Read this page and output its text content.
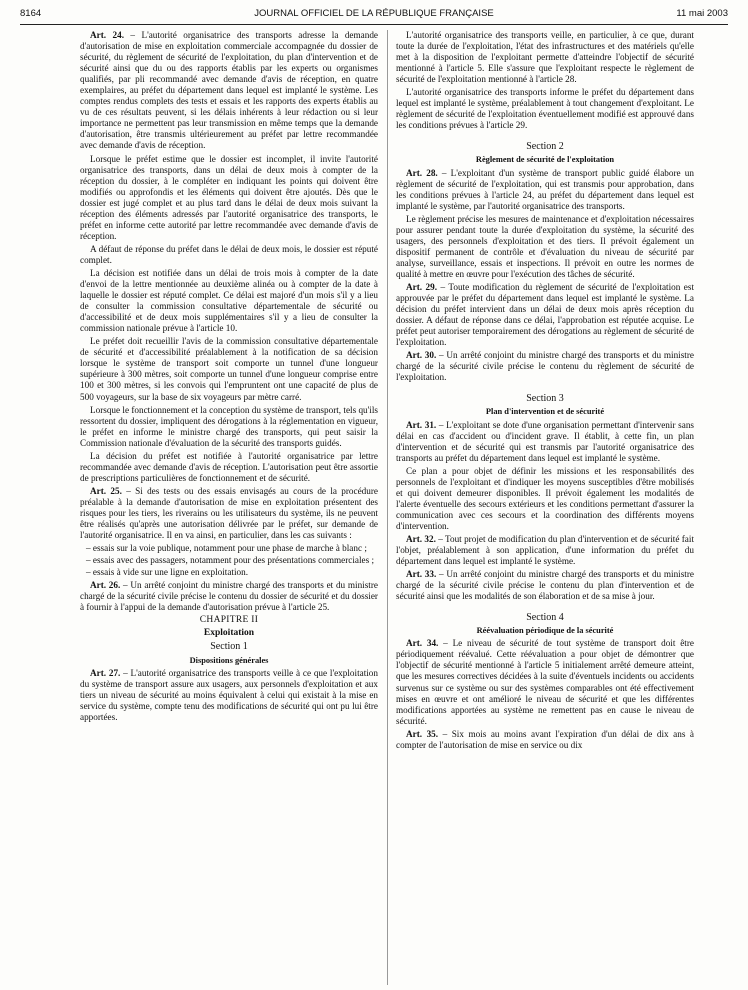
8164	JOURNAL OFFICIEL DE LA RÉPUBLIQUE FRANÇAISE	11 mai 2003

Art. 24. – L'autorité organisatrice des transports adresse la demande d'autorisation de mise en exploitation commerciale accompagnée du dossier de sécurité, du règlement de sécurité de l'exploitation, du plan d'intervention et de sécurité ainsi que du ou des rapports établis par les experts ou organismes qualifiés, par pli recommandé avec demande d'avis de réception, en quatre exemplaires, au préfet du département dans lequel est implanté le système. Les comptes rendus complets des tests et essais et les rapports des experts établis au vu de ces résultats peuvent, si les délais inhérents à leur rédaction ou si leur importance ne permettent pas leur transmission en même temps que la demande d'autorisation, être transmis ultérieurement au préfet par lettre recommandée avec demande d'avis de réception.

Lorsque le préfet estime que le dossier est incomplet, il invite l'autorité organisatrice des transports, dans un délai de deux mois à compter de la réception du dossier, à le compléter en indiquant les points qui doivent être modifiés ou approfondis et les éléments qui doivent être ajoutés. Dès que le dossier est jugé complet et au plus tard dans le délai de deux mois suivant la réception des éléments adressés par l'autorité organisatrice des transports, le préfet en informe cette autorité par lettre recommandée avec demande d'avis de réception.

A défaut de réponse du préfet dans le délai de deux mois, le dossier est réputé complet.

La décision est notifiée dans un délai de trois mois à compter de la date d'envoi de la lettre mentionnée au deuxième alinéa ou à compter de la date à laquelle le dossier est réputé complet. Ce délai est majoré d'un mois s'il y a lieu de consulter la commission consultative départementale de sécurité ou d'accessibilité et de deux mois supplémentaires s'il y a lieu de consulter la commission nationale prévue à l'article 10.

Le préfet doit recueillir l'avis de la commission consultative départementale de sécurité et d'accessibilité préalablement à la notification de sa décision lorsque le système de transport soit comporte un tunnel d'une longueur supérieure à 300 mètres, soit comporte un tunnel d'une longueur comprise entre 100 et 300 mètres, si les convois qui l'empruntent ont une capacité de plus de 500 voyageurs, sur la base de six voyageurs par mètre carré.

Lorsque le fonctionnement et la conception du système de transport, tels qu'ils ressortent du dossier, impliquent des dérogations à la réglementation en vigueur, le préfet en informe le ministre chargé des transports, qui peut saisir la Commission nationale d'évaluation de la sécurité des transports guidés.

La décision du préfet est notifiée à l'autorité organisatrice par lettre recommandée avec demande d'avis de réception. L'autorisation peut être assortie de prescriptions particulières de fonctionnement et de sécurité.

Art. 25. – Si des tests ou des essais envisagés au cours de la procédure préalable à la demande d'autorisation de mise en exploitation présentent des risques pour les tiers, les riverains ou les utilisateurs du système, ils ne peuvent être réalisés qu'après une autorisation délivrée par le préfet, sur demande de l'autorité organisatrice. Il en va ainsi, en particulier, dans les cas suivants :

– essais sur la voie publique, notamment pour une phase de marche à blanc ;
– essais avec des passagers, notamment pour des présentations commerciales ;
– essais à vide sur une ligne en exploitation.

Art. 26. – Un arrêté conjoint du ministre chargé des transports et du ministre chargé de la sécurité civile précise le contenu du dossier de sécurité et du dossier à fournir à l'appui de la demande d'autorisation prévue à l'article 25.

CHAPITRE II

Exploitation

Section 1

Dispositions générales

Art. 27. – L'autorité organisatrice des transports veille à ce que l'exploitation du système de transport assure aux usagers, aux personnels d'exploitation et aux tiers un niveau de sécurité au moins équivalent à celui qui existait à la mise en service du système, compte tenu des modifications de sécurité qui ont pu lui être apportées.

L'autorité organisatrice des transports veille, en particulier, à ce que, durant toute la durée de l'exploitation, l'état des infrastructures et des matériels qu'elle met à la disposition de l'exploitant permette d'atteindre l'objectif de sécurité mentionné à l'article 5. Elle s'assure que l'exploitant respecte le règlement de sécurité de l'exploitation mentionné à l'article 28.

L'autorité organisatrice des transports informe le préfet du département dans lequel est implanté le système, préalablement à tout changement d'exploitant. Le règlement de sécurité de l'exploitation éventuellement modifié est approuvé dans les conditions prévues à l'article 29.

Section 2

Règlement de sécurité de l'exploitation

Art. 28. – L'exploitant d'un système de transport public guidé élabore un règlement de sécurité de l'exploitation, qui est transmis pour approbation, dans les conditions prévues à l'article 24, au préfet du département dans lequel est implanté le système, par l'autorité organisatrice des transports.

Le règlement précise les mesures de maintenance et d'exploitation nécessaires pour assurer pendant toute la durée d'exploitation du système, la sécurité des usagers, des personnels d'exploitation et des tiers. Il prévoit également un dispositif permanent de contrôle et d'évaluation du niveau de sécurité par analyse, surveillance, essais et inspections. Il prévoit en outre les normes de qualité à mettre en œuvre pour l'exécution des tâches de sécurité.

Art. 29. – Toute modification du règlement de sécurité de l'exploitation est approuvée par le préfet du département dans lequel est implanté le système. La décision du préfet intervient dans un délai de deux mois après réception du dossier. A défaut de réponse dans ce délai, l'approbation est réputée acquise. Le préfet peut autoriser temporairement des dérogations au règlement de sécurité de l'exploitation.

Art. 30. – Un arrêté conjoint du ministre chargé des transports et du ministre chargé de la sécurité civile précise le contenu du règlement de sécurité de l'exploitation.

Section 3

Plan d'intervention et de sécurité

Art. 31. – L'exploitant se dote d'une organisation permettant d'intervenir sans délai en cas d'accident ou d'incident grave. Il établit, à cette fin, un plan d'intervention et de sécurité qui est transmis par l'autorité organisatrice des transports au préfet du département dans lequel est implanté le système.

Ce plan a pour objet de définir les missions et les responsabilités des personnels de l'exploitant et d'indiquer les moyens susceptibles d'être mobilisés et qui doivent demeurer disponibles. Il prévoit également les modalités de l'alerte éventuelle des secours extérieurs et les conditions permettant d'assurer la communication avec ces secours et la coordination des différents moyens d'intervention.

Art. 32. – Tout projet de modification du plan d'intervention et de sécurité fait l'objet, préalablement à son application, d'une information du préfet du département dans lequel est implanté le système.

Art. 33. – Un arrêté conjoint du ministre chargé des transports et du ministre chargé de la sécurité civile précise le contenu du plan d'intervention et de sécurité ainsi que les modalités de son élaboration et de sa mise à jour.

Section 4

Réévaluation périodique de la sécurité

Art. 34. – Le niveau de sécurité de tout système de transport doit être périodiquement réévalué. Cette réévaluation a pour objet de démontrer que l'objectif de sécurité mentionné à l'article 5 initialement arrêté demeure atteint, que les mesures correctives décidées à la suite d'éventuels incidents ou accidents survenus sur ce système ou sur des systèmes comparables ont été effectivement mises en œuvre et ont amélioré le niveau de sécurité et que les différentes modifications apportées au système ne remettent pas en cause le niveau de sécurité.

Art. 35. – Six mois au moins avant l'expiration d'un délai de dix ans à compter de l'autorisation de mise en service ou dix
